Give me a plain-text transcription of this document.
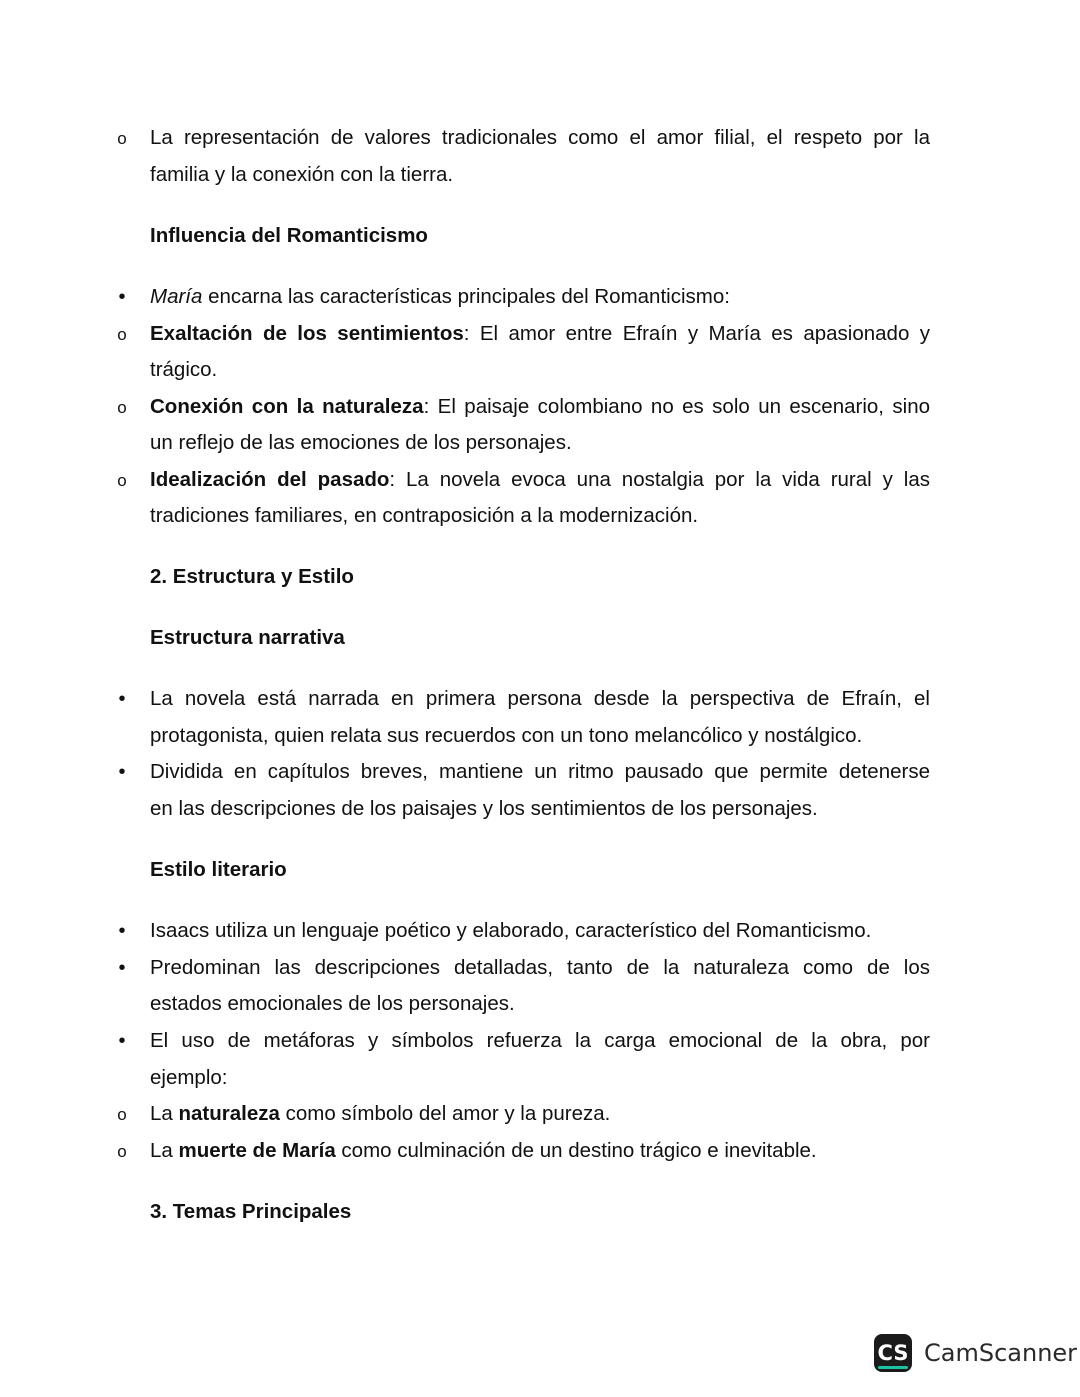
o
La representación de valores tradicionales como el amor filial, el respeto por la
familia y la conexión con la tierra.
Influencia del Romanticismo
•
María encarna las características principales del Romanticismo:
o
Exaltación de los sentimientos: El amor entre Efraín y María es apasionado y
trágico.
o
Conexión con la naturaleza: El paisaje colombiano no es solo un escenario, sino
un reflejo de las emociones de los personajes.
o
Idealización del pasado: La novela evoca una nostalgia por la vida rural y las
tradiciones familiares, en contraposición a la modernización.
2. Estructura y Estilo
Estructura narrativa
•
La novela está narrada en primera persona desde la perspectiva de Efraín, el
protagonista, quien relata sus recuerdos con un tono melancólico y nostálgico.
•
Dividida en capítulos breves, mantiene un ritmo pausado que permite detenerse
en las descripciones de los paisajes y los sentimientos de los personajes.
Estilo literario
•
Isaacs utiliza un lenguaje poético y elaborado, característico del Romanticismo.
•
Predominan las descripciones detalladas, tanto de la naturaleza como de los
estados emocionales de los personajes.
•
El uso de metáforas y símbolos refuerza la carga emocional de la obra, por
ejemplo:
o
La naturaleza como símbolo del amor y la pureza.
o
La muerte de María como culminación de un destino trágico e inevitable.
3. Temas Principales
CS CamScanner
